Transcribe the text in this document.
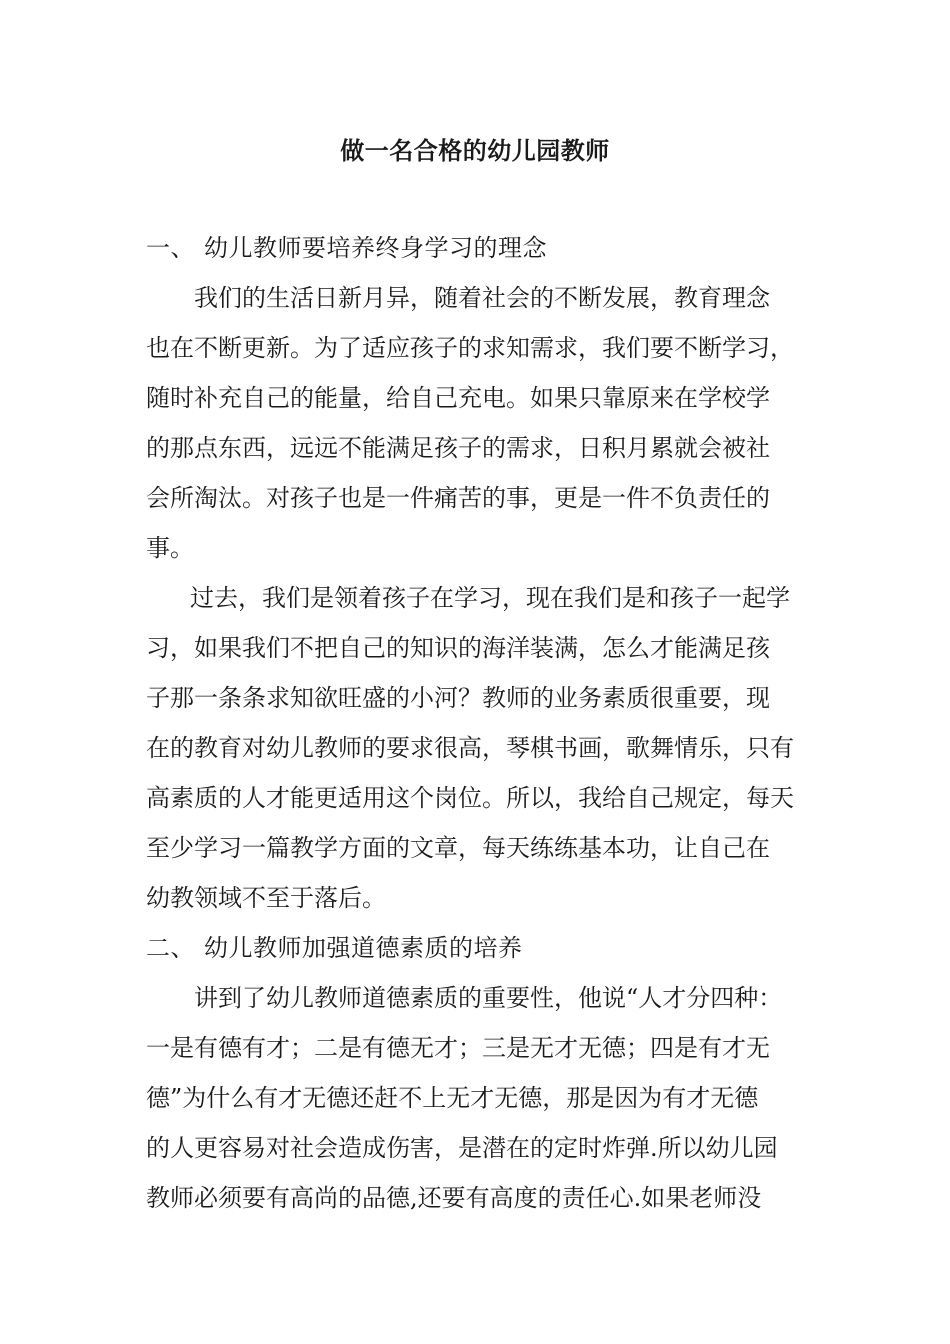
做一名合格的幼儿园教师
一、 幼儿教师要培养终身学习的理念
我们的生活日新月异，随着社会的不断发展，教育理念
也在不断更新。为了适应孩子的求知需求，我们要不断学习，
随时补充自己的能量，给自己充电。如果只靠原来在学校学
的那点东西，远远不能满足孩子的需求，日积月累就会被社
会所淘汰。对孩子也是一件痛苦的事，更是一件不负责任的
事。
过去，我们是领着孩子在学习，现在我们是和孩子一起学
习，如果我们不把自己的知识的海洋装满，怎么才能满足孩
子那一条条求知欲旺盛的小河？教师的业务素质很重要，现
在的教育对幼儿教师的要求很高，琴棋书画，歌舞情乐，只有
高素质的人才能更适用这个岗位。所以，我给自己规定，每天
至少学习一篇教学方面的文章，每天练练基本功，让自己在
幼教领域不至于落后。
二、 幼儿教师加强道德素质的培养
讲到了幼儿教师道德素质的重要性，他说“人才分四种：
一是有德有才；二是有德无才；三是无才无德；四是有才无
德”为什么有才无德还赶不上无才无德，那是因为有才无德
的人更容易对社会造成伤害，是潜在的定时炸弹.所以幼儿园
教师必须要有高尚的品德,还要有高度的责任心.如果老师没
